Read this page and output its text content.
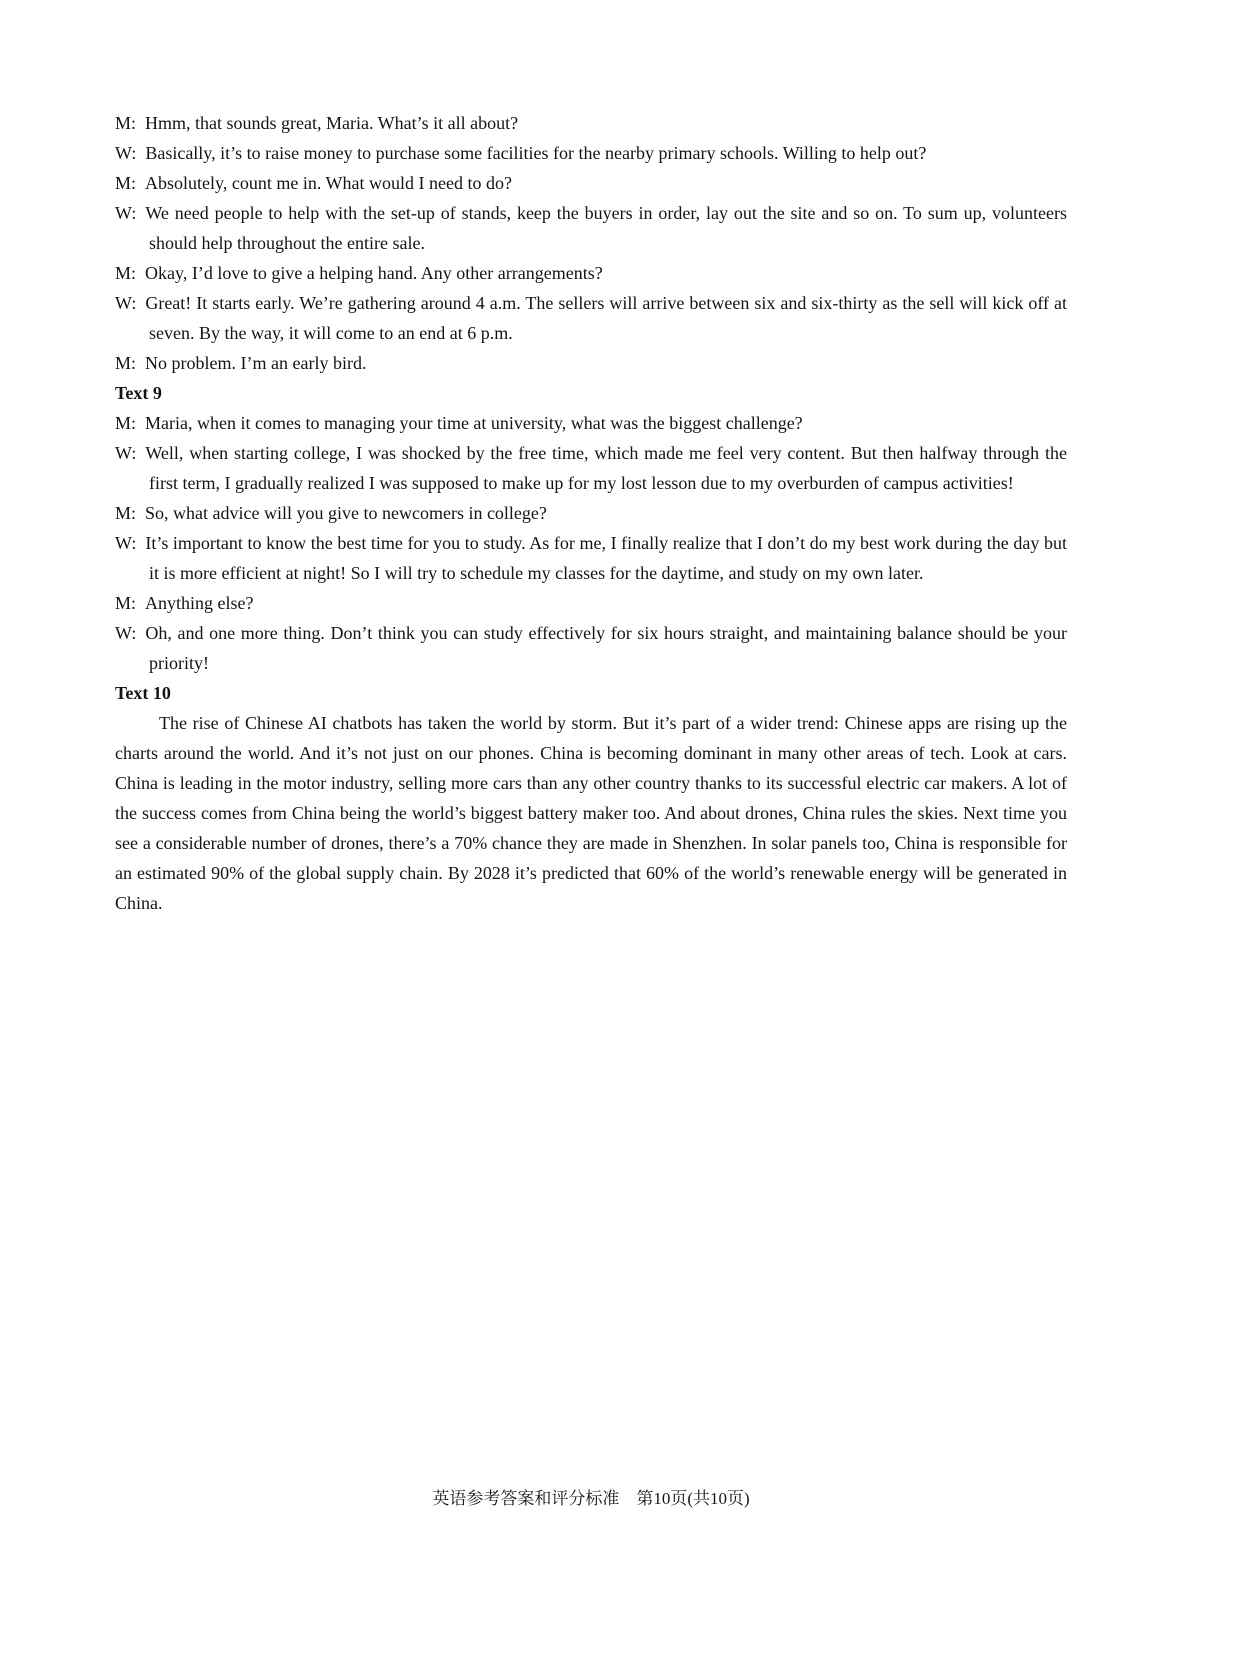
M: Hmm, that sounds great, Maria. What’s it all about?
W: Basically, it’s to raise money to purchase some facilities for the nearby primary schools. Willing to help out?
M: Absolutely, count me in. What would I need to do?
W: We need people to help with the set-up of stands, keep the buyers in order, lay out the site and so on. To sum up, volunteers should help throughout the entire sale.
M: Okay, I’d love to give a helping hand. Any other arrangements?
W: Great! It starts early. We’re gathering around 4 a.m. The sellers will arrive between six and six-thirty as the sell will kick off at seven. By the way, it will come to an end at 6 p.m.
M: No problem. I’m an early bird.
Text 9
M: Maria, when it comes to managing your time at university, what was the biggest challenge?
W: Well, when starting college, I was shocked by the free time, which made me feel very content. But then halfway through the first term, I gradually realized I was supposed to make up for my lost lesson due to my overburden of campus activities!
M: So, what advice will you give to newcomers in college?
W: It’s important to know the best time for you to study. As for me, I finally realize that I don’t do my best work during the day but it is more efficient at night! So I will try to schedule my classes for the daytime, and study on my own later.
M: Anything else?
W: Oh, and one more thing. Don’t think you can study effectively for six hours straight, and maintaining balance should be your priority!
Text 10
The rise of Chinese AI chatbots has taken the world by storm. But it’s part of a wider trend: Chinese apps are rising up the charts around the world. And it’s not just on our phones. China is becoming dominant in many other areas of tech. Look at cars. China is leading in the motor industry, selling more cars than any other country thanks to its successful electric car makers. A lot of the success comes from China being the world’s biggest battery maker too. And about drones, China rules the skies. Next time you see a considerable number of drones, there’s a 70% chance they are made in Shenzhen. In solar panels too, China is responsible for an estimated 90% of the global supply chain. By 2028 it’s predicted that 60% of the world’s renewable energy will be generated in China.
英语参考答案和评分标准　第10页(共10页)
